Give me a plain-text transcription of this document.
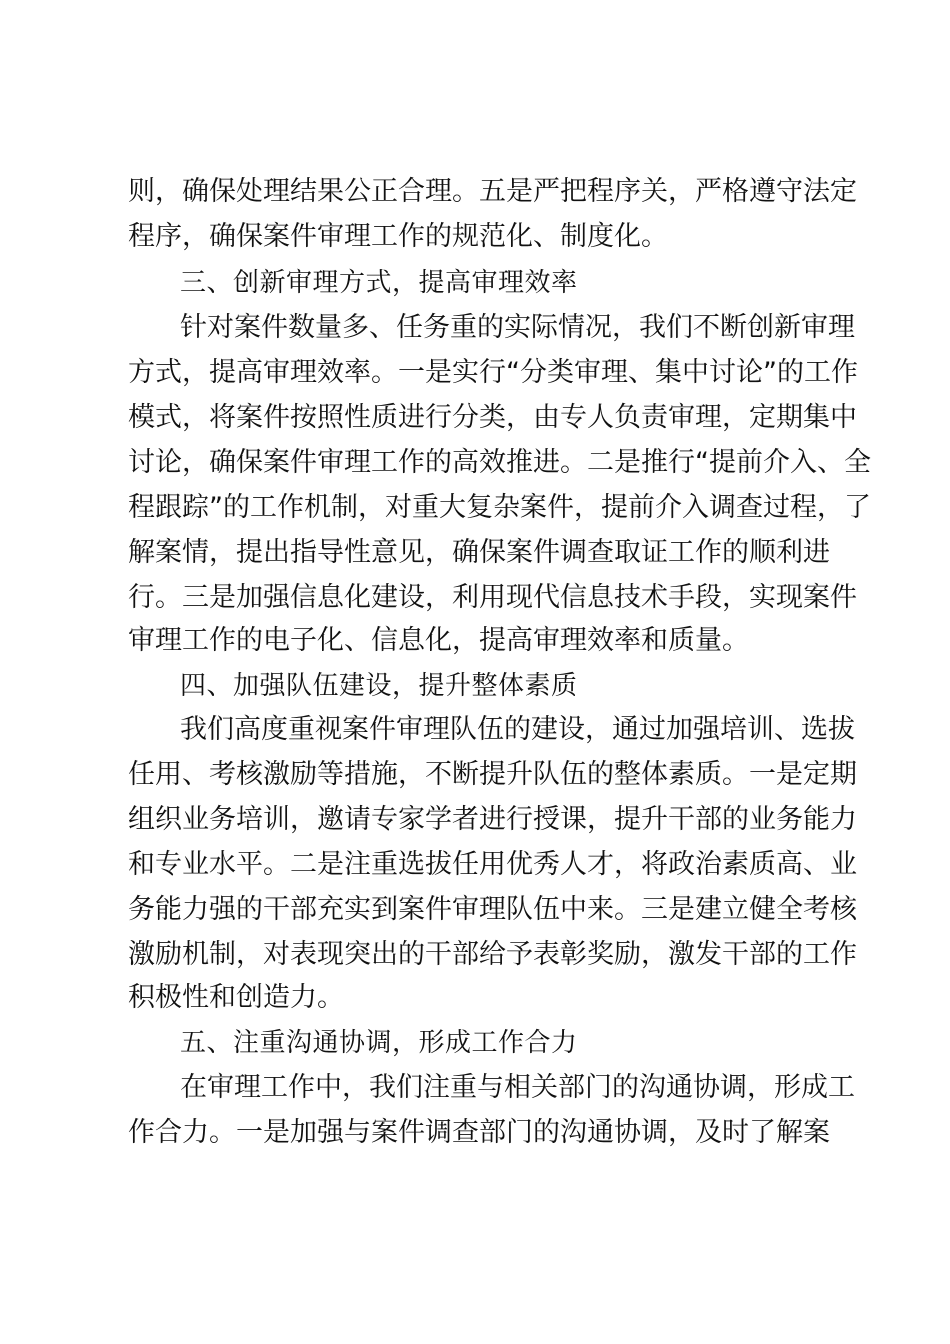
则，确保处理结果公正合理。五是严把程序关，严格遵守法定
程序，确保案件审理工作的规范化、制度化。
三、创新审理方式，提高审理效率
针对案件数量多、任务重的实际情况，我们不断创新审理
方式，提高审理效率。一是实行“分类审理、集中讨论”的工作
模式，将案件按照性质进行分类，由专人负责审理，定期集中
讨论，确保案件审理工作的高效推进。二是推行“提前介入、全
程跟踪”的工作机制，对重大复杂案件，提前介入调查过程，了
解案情，提出指导性意见，确保案件调查取证工作的顺利进
行。三是加强信息化建设，利用现代信息技术手段，实现案件
审理工作的电子化、信息化，提高审理效率和质量。
四、加强队伍建设，提升整体素质
我们高度重视案件审理队伍的建设，通过加强培训、选拔
任用、考核激励等措施，不断提升队伍的整体素质。一是定期
组织业务培训，邀请专家学者进行授课，提升干部的业务能力
和专业水平。二是注重选拔任用优秀人才，将政治素质高、业
务能力强的干部充实到案件审理队伍中来。三是建立健全考核
激励机制，对表现突出的干部给予表彰奖励，激发干部的工作
积极性和创造力。
五、注重沟通协调，形成工作合力
在审理工作中，我们注重与相关部门的沟通协调，形成工
作合力。一是加强与案件调查部门的沟通协调，及时了解案
